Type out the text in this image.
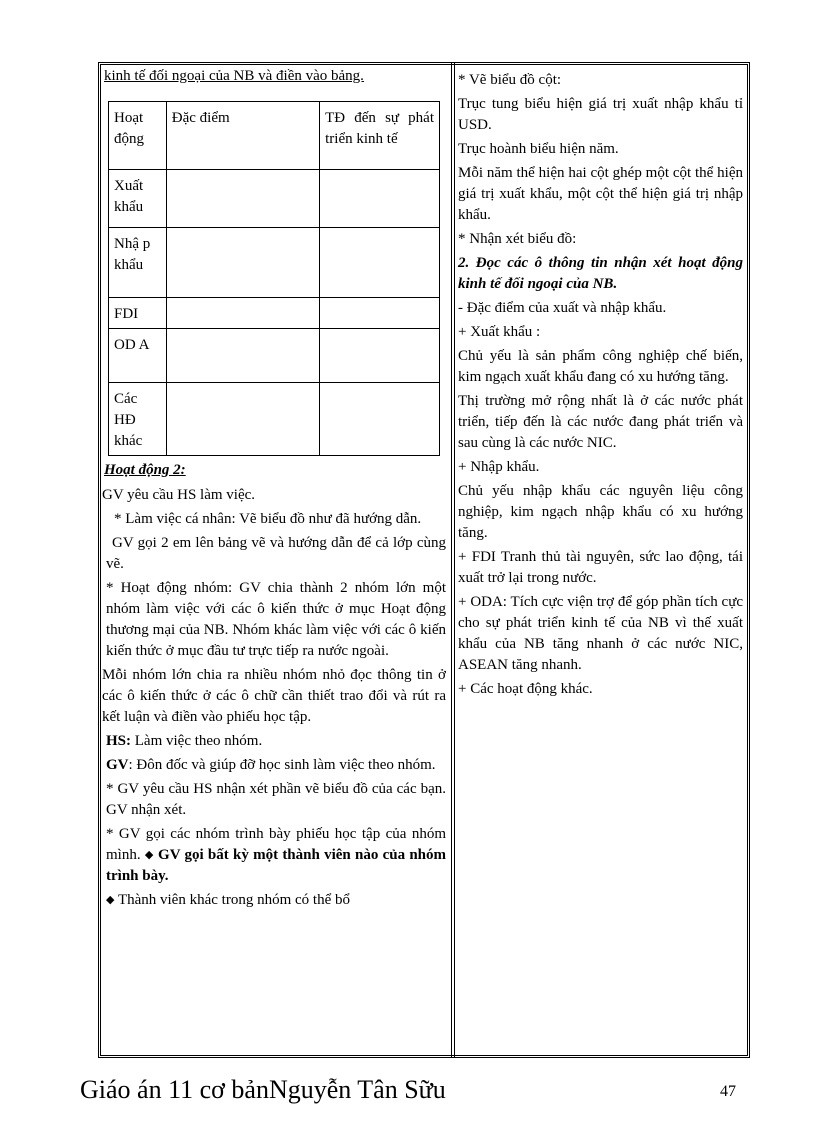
kinh tế đối ngoại của NB và điền vào bảng.
Hoạt động	Đặc điểm	TĐ đến sự phát triển kinh tế
Xuất khẩu		
Nhậ p khẩu		
FDI		
OD A		
Các HĐ khác		
Hoạt động 2:
GV yêu cầu HS làm việc.
* Làm việc cá nhân: Vẽ biểu đồ như đã hướng dẫn.
GV gọi 2 em lên bảng vẽ và hướng dẫn để cả lớp cùng vẽ.
* Hoạt động nhóm: GV chia thành 2 nhóm lớn một nhóm làm việc với các ô kiến thức ở mục Hoạt động thương mại của NB. Nhóm khác làm việc với các ô kiến kiến thức ở mục đầu tư trực tiếp ra nước ngoài.
Mỗi nhóm lớn chia ra nhiều nhóm nhỏ đọc thông tin ở các ô kiến thức ở các ô chữ cần thiết trao đổi và rút ra kết luận và điền vào phiếu học tập.
HS: Làm việc theo nhóm.
GV: Đôn đốc và giúp đỡ học sinh làm việc theo nhóm.
* GV yêu cầu HS nhận xét phần vẽ biểu đồ của các bạn. GV nhận xét.
* GV gọi các nhóm trình bày phiếu học tập của nhóm mình. ◆ GV gọi bất kỳ một thành viên nào của nhóm trình bày.
◆ Thành viên khác trong nhóm có thể bổ
* Vẽ biểu đồ cột:
Trục tung biểu hiện giá trị xuất nhập khẩu tỉ USD.
Trục hoành biểu hiện năm.
Mỗi năm thể hiện hai cột ghép một cột thể hiện giá trị xuất khẩu, một cột thể hiện giá trị nhập khẩu.
* Nhận xét biểu đồ:
2. Đọc các ô thông tin nhận xét hoạt động kinh tế đối ngoại của NB.
- Đặc điểm của xuất và nhập khẩu.
+ Xuất khẩu :
Chủ yếu là sản phẩm công nghiệp chế biến, kim ngạch xuất khẩu đang có xu hướng tăng.
Thị trường mở rộng nhất là ở các nước phát triển, tiếp đến là các nước đang phát triển và sau cùng là các nước NIC.
+ Nhập khẩu.
Chủ yếu nhập khẩu các nguyên liệu công nghiệp, kim ngạch nhập khẩu có xu hướng tăng.
+ FDI Tranh thủ tài nguyên, sức lao động, tái xuất trở lại trong nước.
+ ODA: Tích cực viện trợ để góp phần tích cực cho sự phát triển kinh tế của NB vì thế xuất khẩu của NB tăng nhanh ở các nước NIC, ASEAN tăng nhanh.
+ Các hoạt động khác.
Giáo án 11 cơ bảnNguyễn Tân Sữu	47
